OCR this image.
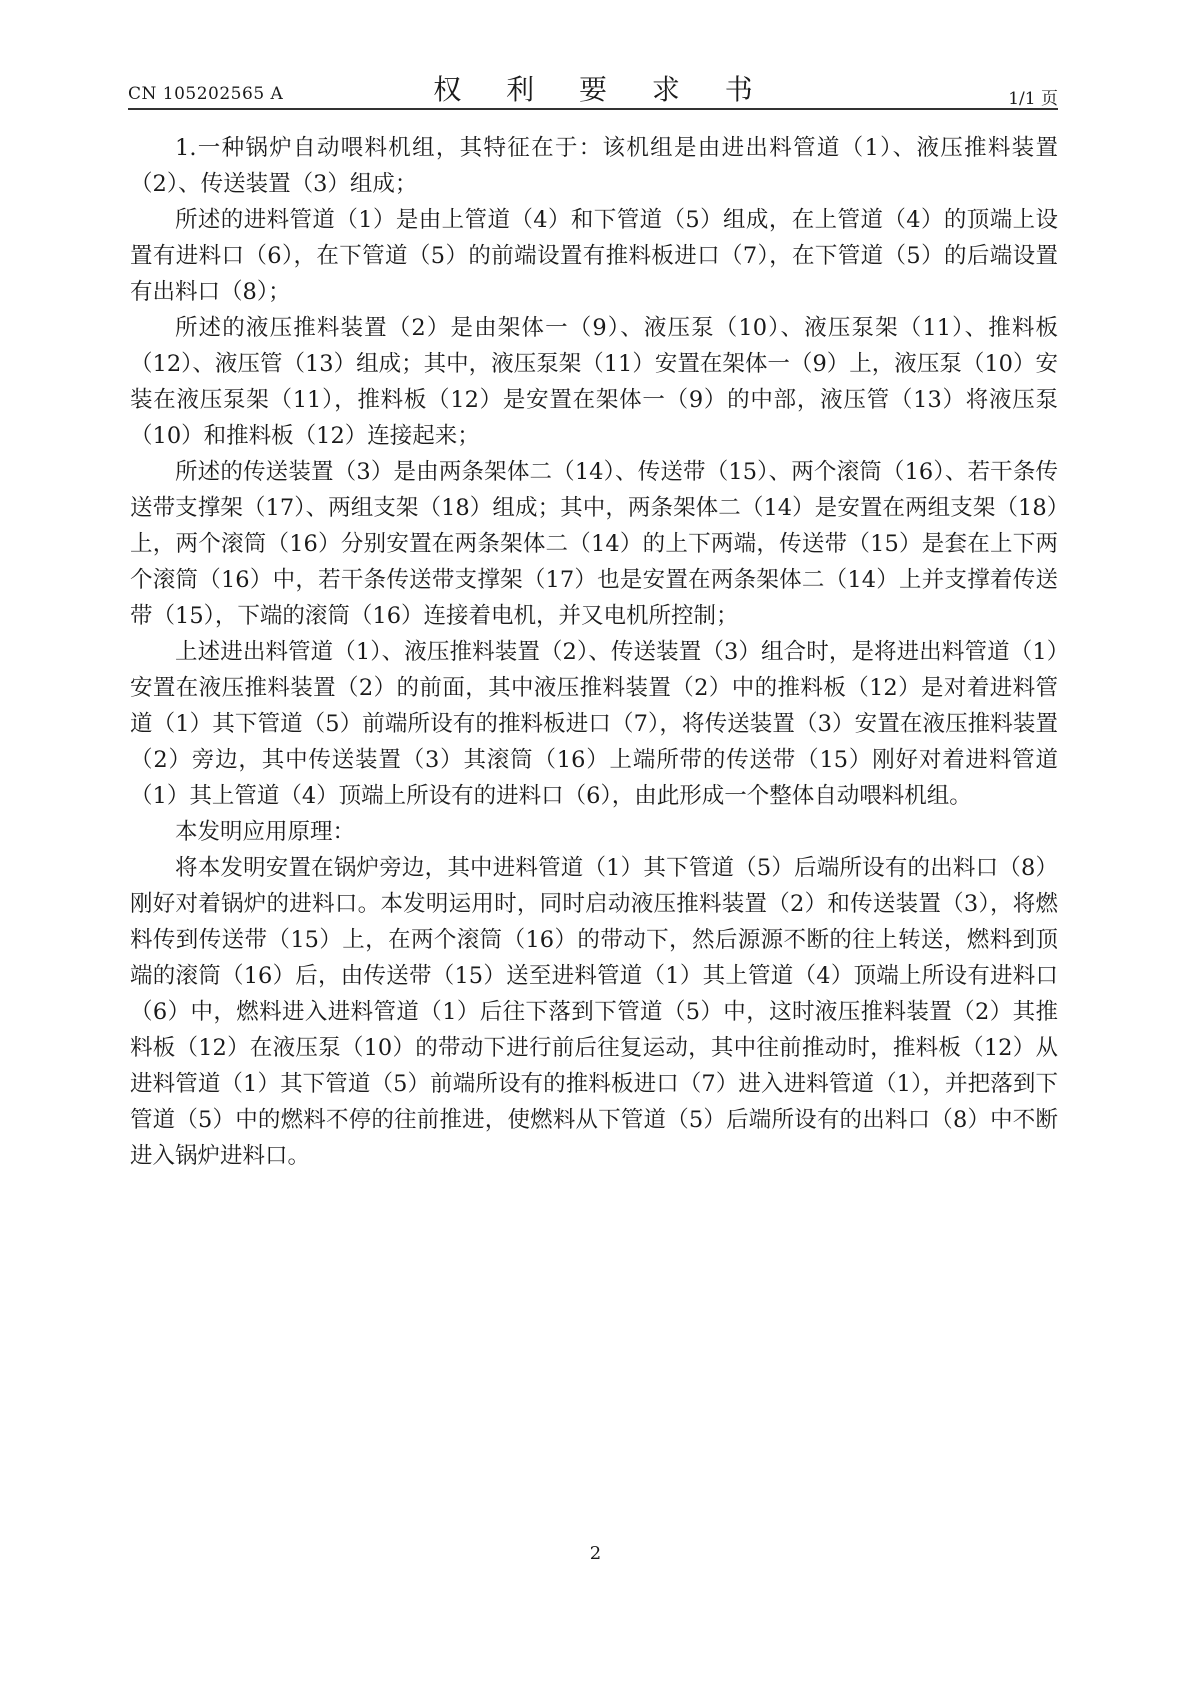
CN 105202565 A	权 利 要 求 书	1/1 页

1.一种锅炉自动喂料机组，其特征在于：该机组是由进出料管道（1）、液压推料装置（2）、传送装置（3）组成；

所述的进料管道（1）是由上管道（4）和下管道（5）组成，在上管道（4）的顶端上设置有进料口（6），在下管道（5）的前端设置有推料板进口（7），在下管道（5）的后端设置有出料口（8）；

所述的液压推料装置（2）是由架体一（9）、液压泵（10）、液压泵架（11）、推料板（12）、液压管（13）组成；其中，液压泵架（11）安置在架体一（9）上，液压泵（10）安装在液压泵架（11），推料板（12）是安置在架体一（9）的中部，液压管（13）将液压泵（10）和推料板（12）连接起来；

所述的传送装置（3）是由两条架体二（14）、传送带（15）、两个滚筒（16）、若干条传送带支撑架（17）、两组支架（18）组成；其中，两条架体二（14）是安置在两组支架（18）上，两个滚筒（16）分别安置在两条架体二（14）的上下两端，传送带（15）是套在上下两个滚筒（16）中，若干条传送带支撑架（17）也是安置在两条架体二（14）上并支撑着传送带（15），下端的滚筒（16）连接着电机，并又电机所控制；

上述进出料管道（1）、液压推料装置（2）、传送装置（3）组合时，是将进出料管道（1）安置在液压推料装置（2）的前面，其中液压推料装置（2）中的推料板（12）是对着进料管道（1）其下管道（5）前端所设有的推料板进口（7），将传送装置（3）安置在液压推料装置（2）旁边，其中传送装置（3）其滚筒（16）上端所带的传送带（15）刚好对着进料管道（1）其上管道（4）顶端上所设有的进料口（6），由此形成一个整体自动喂料机组。

本发明应用原理：

将本发明安置在锅炉旁边，其中进料管道（1）其下管道（5）后端所设有的出料口（8）刚好对着锅炉的进料口。本发明运用时，同时启动液压推料装置（2）和传送装置（3），将燃料传到传送带（15）上，在两个滚筒（16）的带动下，然后源源不断的往上转送，燃料到顶端的滚筒（16）后，由传送带（15）送至进料管道（1）其上管道（4）顶端上所设有进料口（6）中，燃料进入进料管道（1）后往下落到下管道（5）中，这时液压推料装置（2）其推料板（12）在液压泵（10）的带动下进行前后往复运动，其中往前推动时，推料板（12）从进料管道（1）其下管道（5）前端所设有的推料板进口（7）进入进料管道（1），并把落到下管道（5）中的燃料不停的往前推进，使燃料从下管道（5）后端所设有的出料口（8）中不断进入锅炉进料口。

2
